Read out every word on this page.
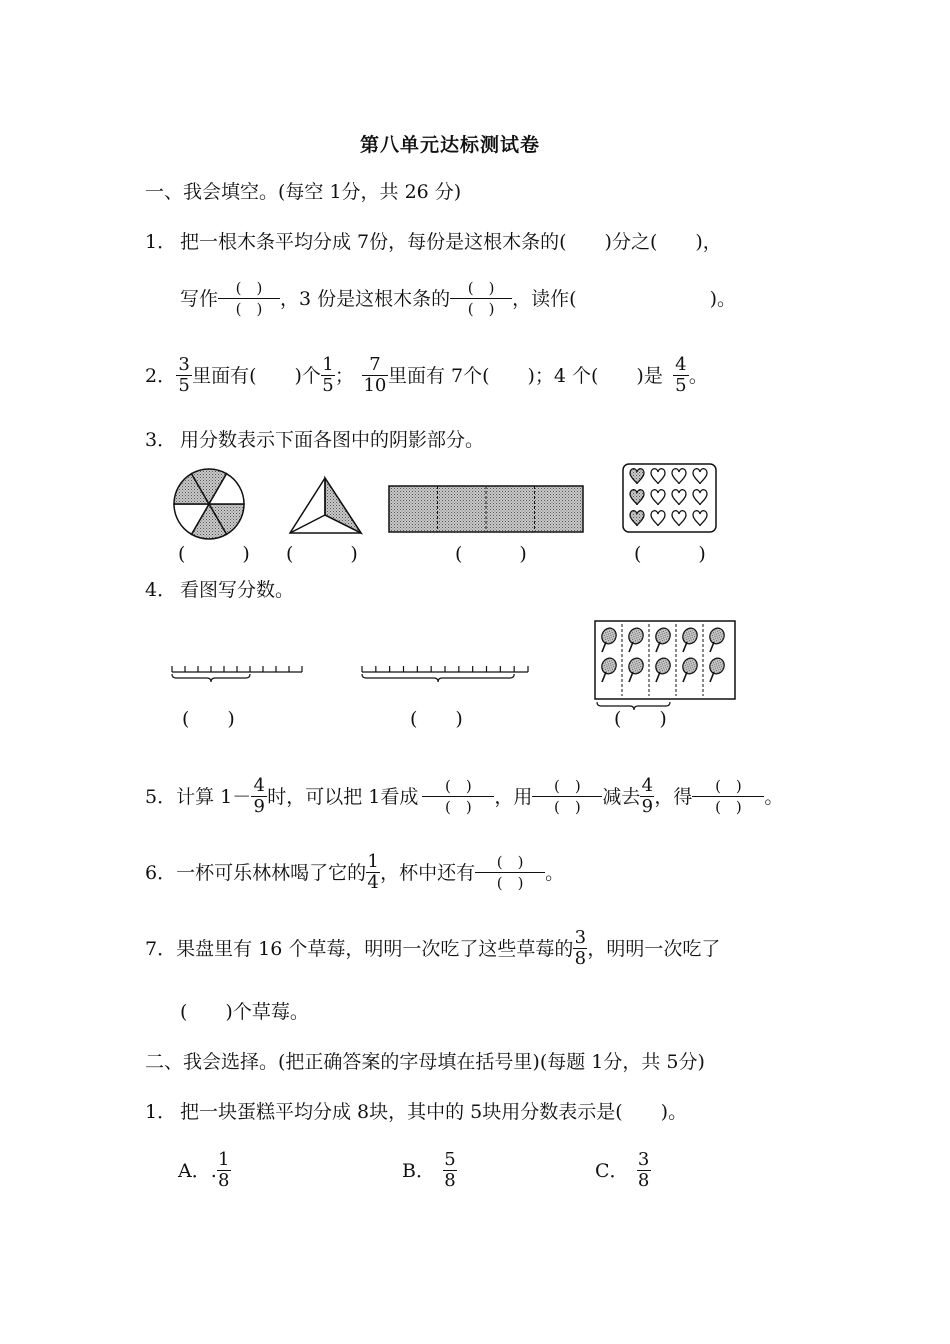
第八单元达标测试卷
一、我会填空。(每空 1分，共 26 分)
1． 把一根木条平均分成 7份，每份是这根木条的(　　)分之(　　)，
写作 $\frac{( )}{( )}$ ，3 份是这根木条的 $\frac{( )}{( )}$ ，读作(　　　　　　　)。
2． $\frac{3}{5}$ 里面有(　　)个 $\frac{1}{5}$ ； $\frac{7}{10}$ 里面有 7个(　　)；4 个(　　)是 $\frac{4}{5}$ 。
3． 用分数表示下面各图中的阴影部分。
(　　　) (　　　)	(　　　)	(　　　)
4． 看图写分数。
(　　)	(　　)	(　　)
5． 计算 $1- \frac{4}{9}$ 时，可以把 1看成 $\frac{( )}{( )}$ ，用 $\frac{( )}{( )}$ 减去 $\frac{4}{9}$ ，得 $\frac{( )}{( )}$ 。
6． 一杯可乐林林喝了它的 $\frac{1}{4}$ ，杯中还有 $\frac{( )}{( )}$ 。
7． 果盘里有 16 个草莓，明明一次吃了这些草莓的 $\frac{3}{8}$ ，明明一次吃了
(　　)个草莓。
二、我会选择。(把正确答案的字母填在括号里)(每题 1分，共 5分)
1． 把一块蛋糕平均分成 8块，其中的 5块用分数表示是(　　)。
A． . $\frac{1}{8}$	B． $\frac{5}{8}$	C． $\frac{3}{8}$
